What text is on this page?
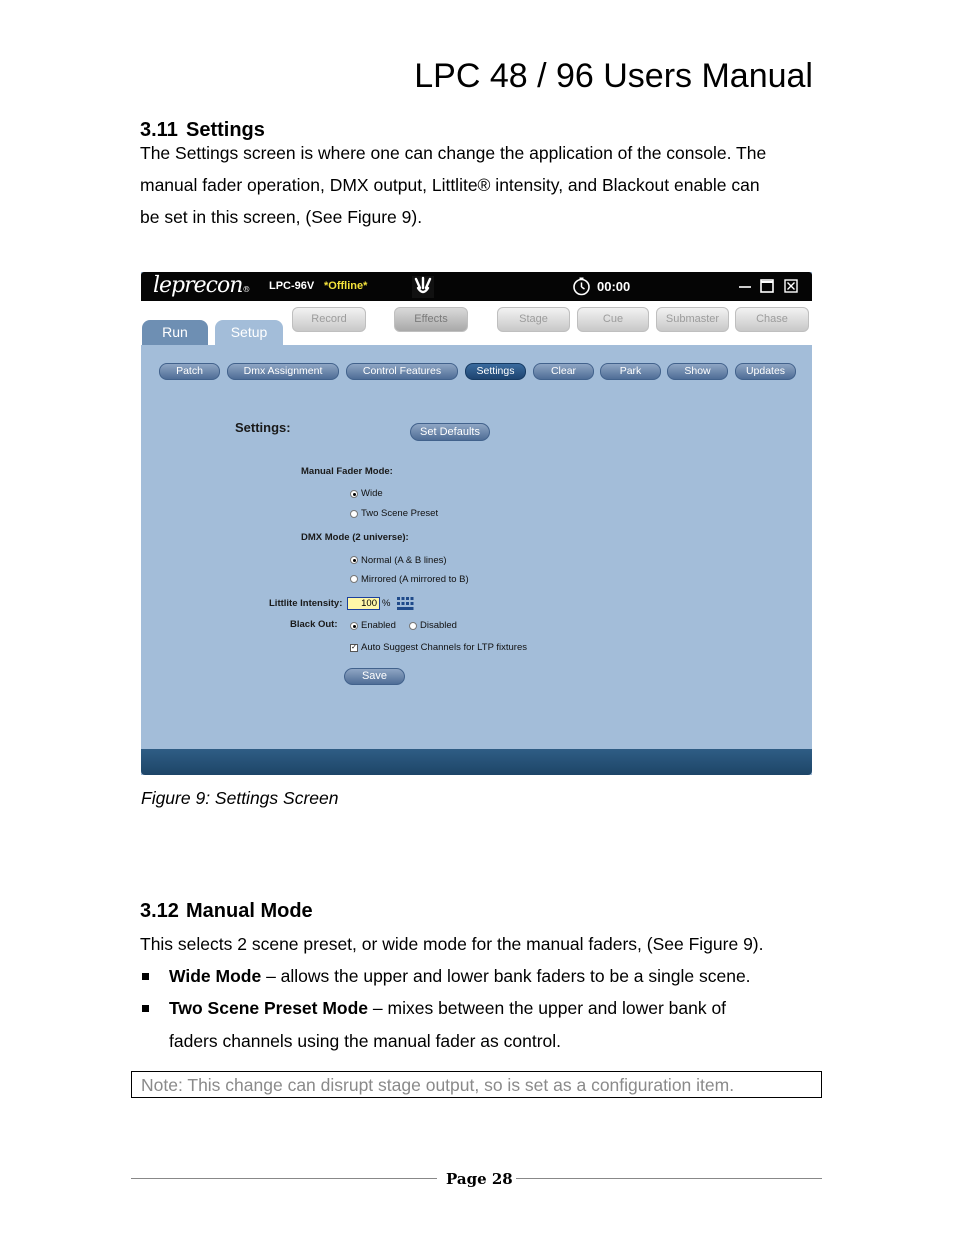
LPC 48 / 96 Users Manual
3.11 Settings
The Settings screen is where one can change the application of the console. The
manual fader operation, DMX output, Littlite® intensity, and Blackout enable can
be set in this screen, (See Figure 9).
leprecon® LPC-96V *Offline*	00:00
Run	Setup
Record	Effects	Stage	Cue	Submaster	Chase
Patch	Dmx Assignment	Control Features	Settings	Clear	Park	Show	Updates
Settings:	Set Defaults
Manual Fader Mode:
Wide
Two Scene Preset
DMX Mode (2 universe):
Normal (A & B lines)
Mirrored (A mirrored to B)
Littlite Intensity:	100 %
Black Out: Enabled	Disabled
✓ Auto Suggest Channels for LTP fixtures
Save
Figure 9: Settings Screen
3.12 Manual Mode
This selects 2 scene preset, or wide mode for the manual faders, (See Figure 9).
Wide Mode – allows the upper and lower bank faders to be a single scene.
Two Scene Preset Mode – mixes between the upper and lower bank of
faders channels using the manual fader as control.
Note: This change can disrupt stage output, so is set as a configuration item.
Page 28
